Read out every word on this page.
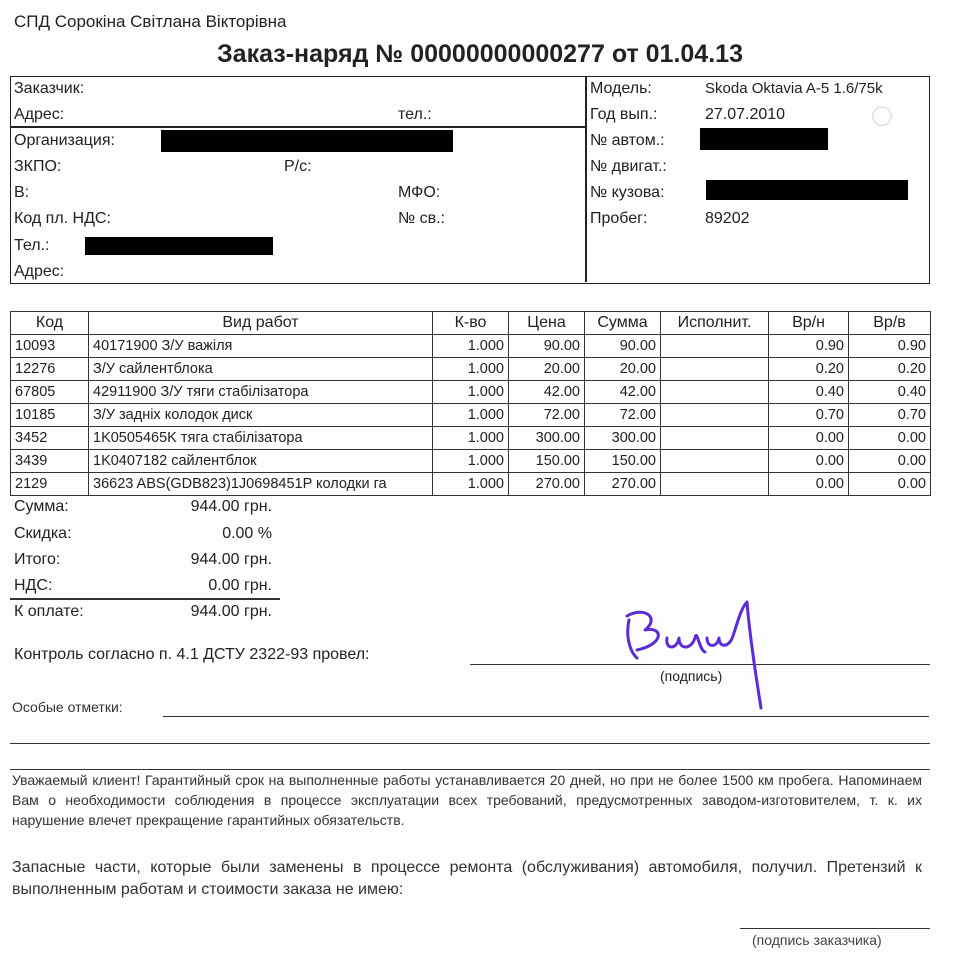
СПД Сорокіна Світлана Вікторівна
Заказ-наряд № 00000000000277 от 01.04.13
Заказчик:
Адрес:	тел.:
Организация:
ЗКПО:	Р/с:
В:	МФО:
Код пл. НДС:	№ св.:
Тел.:
Адрес:
Модель:	Skoda Oktavia A-5 1.6/75k
Год вып.:	27.07.2010
№ автом.:
№ двигат.:
№ кузова:
Пробег:	89202
○
Код	Вид работ	К-во	Цена	Сумма	Исполнит.	Вр/н	Вр/в
10093	40171900 З/У важіля	1.000	90.00	90.00		0.90	0.90
12276	З/У сайлентблока	1.000	20.00	20.00		0.20	0.20
67805	42911900 З/У тяги стабілізатора	1.000	42.00	42.00		0.40	0.40
10185	З/У задніх колодок диск	1.000	72.00	72.00		0.70	0.70
3452	1K0505465K тяга стабілізатора	1.000	300.00	300.00		0.00	0.00
3439	1K0407182 сайлентблок	1.000	150.00	150.00		0.00	0.00
2129	36623 ABS(GDB823)1J0698451P колодки га	1.000	270.00	270.00		0.00	0.00
Сумма:	944.00 грн.
Скидка:	0.00 %
Итого:	944.00 грн.
НДС:	0.00 грн.
К оплате:	944.00 грн.
Контроль согласно п. 4.1 ДСТУ 2322-93 провел:
(подпись)
Особые отметки:
Уважаемый клиент! Гарантийный срок на выполненные работы устанавливается 20 дней, но при не более 1500 км пробега. Напоминаем Вам о необходимости соблюдения в процессе эксплуатации всех требований, предусмотренных заводом-изготовителем, т. к. их нарушение влечет прекращение гарантийных обязательств.
Запасные части, которые были заменены в процессе ремонта (обслуживания) автомобиля, получил. Претензий к выполненным работам и стоимости заказа не имею:
(подпись заказчика)
